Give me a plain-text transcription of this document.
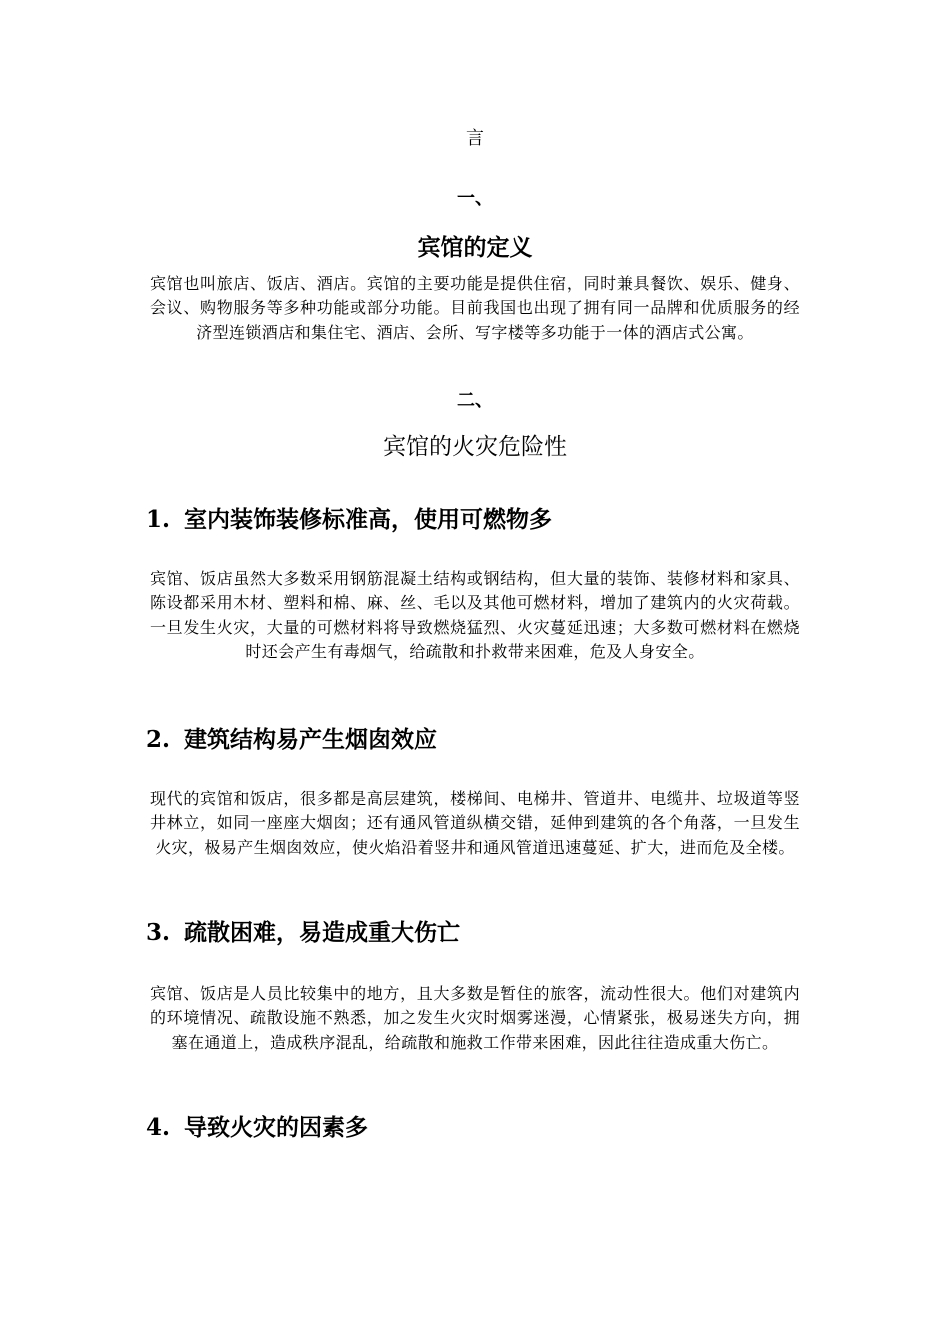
言
一、
宾馆的定义
宾馆也叫旅店、饭店、酒店。宾馆的主要功能是提供住宿，同时兼具餐饮、娱乐、健身、会议、购物服务等多种功能或部分功能。目前我国也出现了拥有同一品牌和优质服务的经济型连锁酒店和集住宅、酒店、会所、写字楼等多功能于一体的酒店式公寓。
二、
宾馆的火灾危险性
1. 室内装饰装修标准高，使用可燃物多
宾馆、饭店虽然大多数采用钢筋混凝土结构或钢结构，但大量的装饰、装修材料和家具、陈设都采用木材、塑料和棉、麻、丝、毛以及其他可燃材料，增加了建筑内的火灾荷载。一旦发生火灾，大量的可燃材料将导致燃烧猛烈、火灾蔓延迅速；大多数可燃材料在燃烧时还会产生有毒烟气，给疏散和扑救带来困难，危及人身安全。
2. 建筑结构易产生烟囱效应
现代的宾馆和饭店，很多都是高层建筑，楼梯间、电梯井、管道井、电缆井、垃圾道等竖井林立，如同一座座大烟囱；还有通风管道纵横交错，延伸到建筑的各个角落，一旦发生火灾，极易产生烟囱效应，使火焰沿着竖井和通风管道迅速蔓延、扩大，进而危及全楼。
3. 疏散困难，易造成重大伤亡
宾馆、饭店是人员比较集中的地方，且大多数是暂住的旅客，流动性很大。他们对建筑内的环境情况、疏散设施不熟悉，加之发生火灾时烟雾迷漫，心情紧张，极易迷失方向，拥塞在通道上，造成秩序混乱，给疏散和施救工作带来困难，因此往往造成重大伤亡。
4. 导致火灾的因素多
